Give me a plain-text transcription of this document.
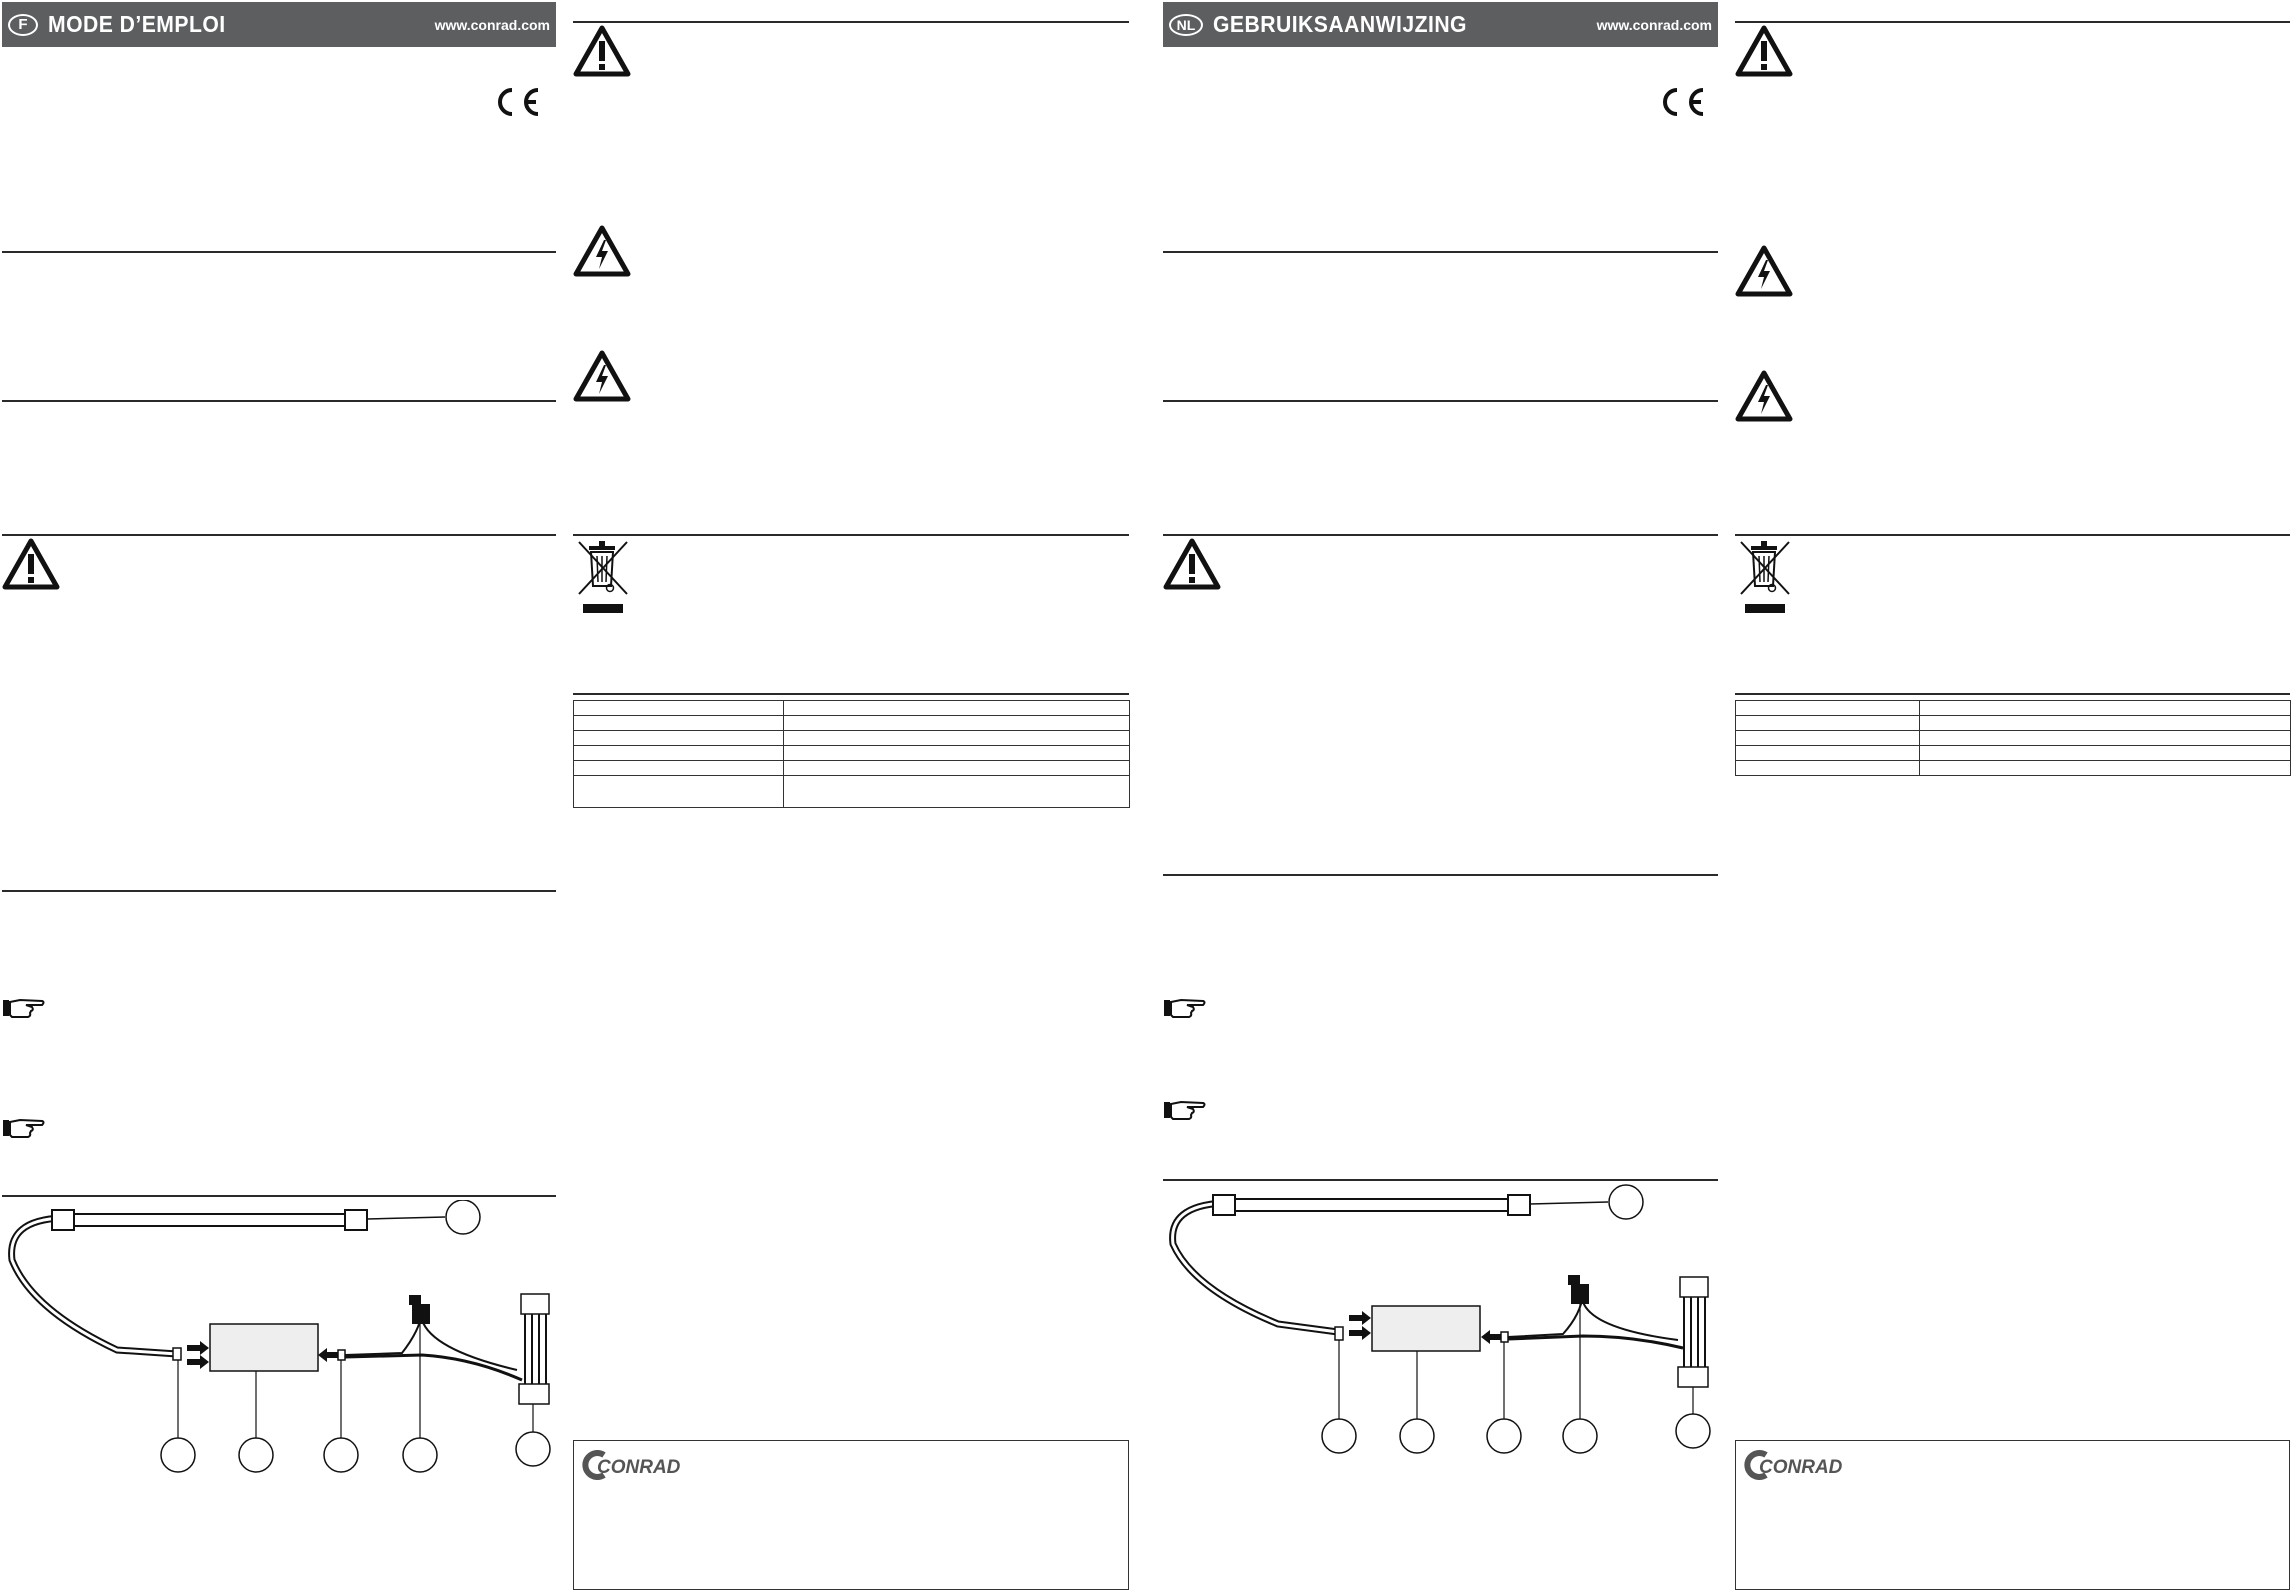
F MODE D’EMPLOI	www.conrad.com

CONRAD
NL GEBRUIKSAANWIJZING	www.conrad.com

CONRAD
